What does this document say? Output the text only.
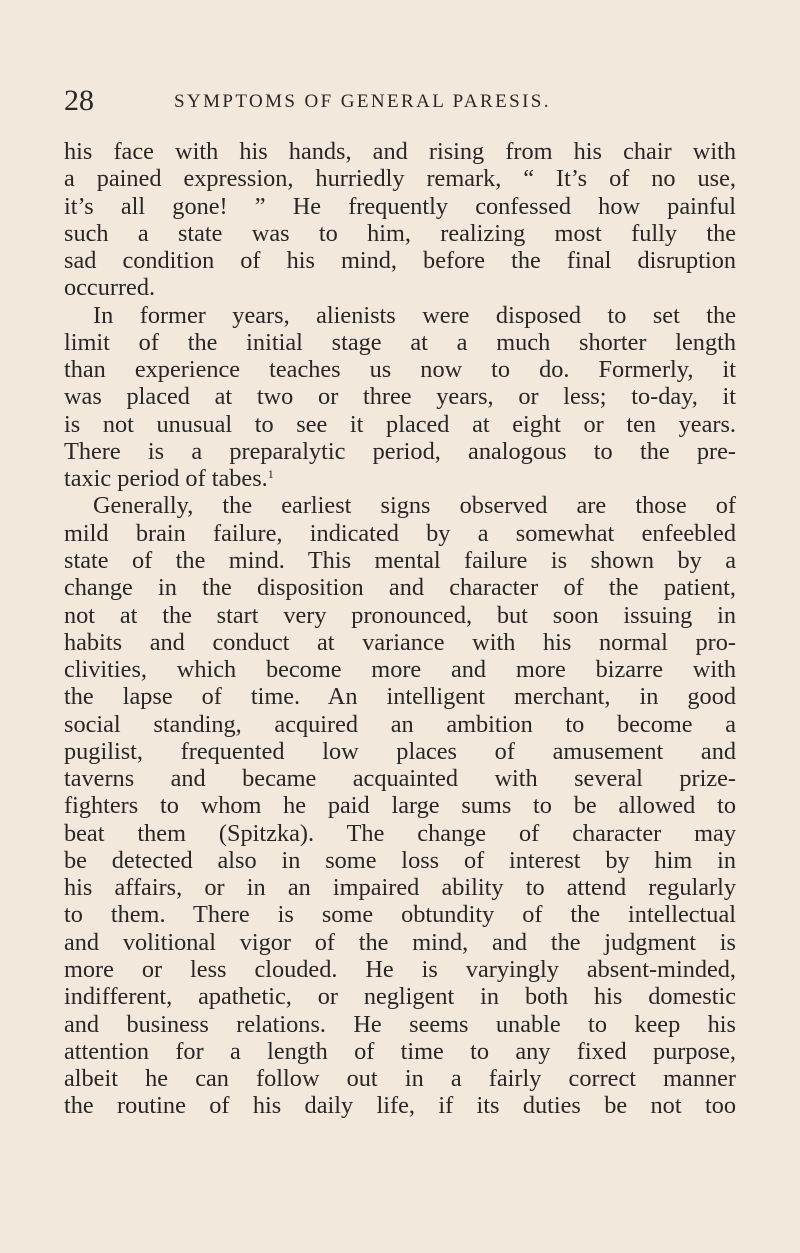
28	SYMPTOMS OF GENERAL PARESIS.
his face with his hands, and rising from his chair with
a pained expression, hurriedly remark, “ It’s of no use,
it’s all gone! ” He frequently confessed how painful
such a state was to him, realizing most fully the
sad condition of his mind, before the final disruption
occurred.
In former years, alienists were disposed to set the
limit of the initial stage at a much shorter length
than experience teaches us now to do. Formerly, it
was placed at two or three years, or less; to-day, it
is not unusual to see it placed at eight or ten years.
There is a preparalytic period, analogous to the pre-
taxic period of tabes.$^1$
Generally, the earliest signs observed are those of
mild brain failure, indicated by a somewhat enfeebled
state of the mind. This mental failure is shown by a
change in the disposition and character of the patient,
not at the start very pronounced, but soon issuing in
habits and conduct at variance with his normal pro-
clivities, which become more and more bizarre with
the lapse of time. An intelligent merchant, in good
social standing, acquired an ambition to become a
pugilist, frequented low places of amusement and
taverns and became acquainted with several prize-
fighters to whom he paid large sums to be allowed to
beat them (Spitzka). The change of character may
be detected also in some loss of interest by him in
his affairs, or in an impaired ability to attend regularly
to them. There is some obtundity of the intellectual
and volitional vigor of the mind, and the judgment is
more or less clouded. He is varyingly absent-minded,
indifferent, apathetic, or negligent in both his domestic
and business relations. He seems unable to keep his
attention for a length of time to any fixed purpose,
albeit he can follow out in a fairly correct manner
the routine of his daily life, if its duties be not too
